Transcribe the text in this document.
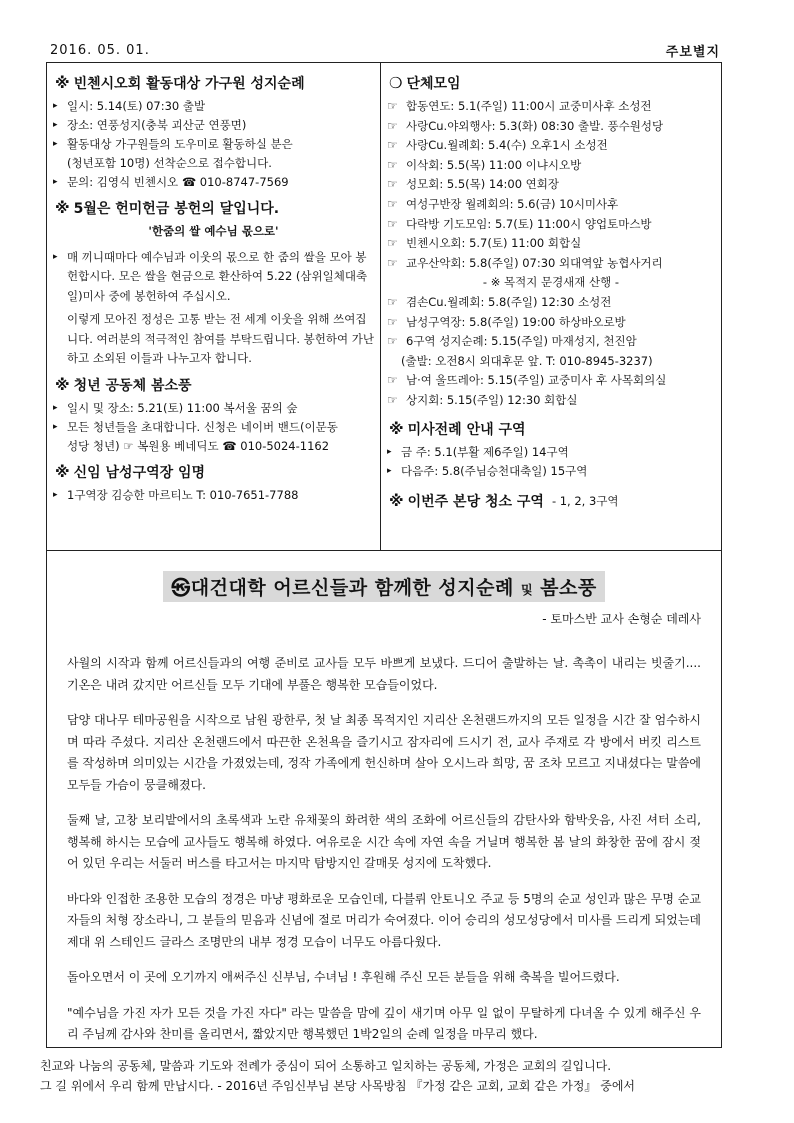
2016. 05. 01.	주보별지
※ 빈첸시오회 활동대상 가구원 성지순례
▸ 일시: 5.14(토) 07:30 출발
▸ 장소: 연풍성지(충북 괴산군 연풍면)
▸ 활동대상 가구원들의 도우미로 활동하실 분은
(청년포함 10명) 선착순으로 접수합니다.
▸ 문의: 김영식 빈첸시오 ☎ 010-8747-7569
※ 5월은 헌미헌금 봉헌의 달입니다.
'한줌의 쌀 예수님 몫으로'
▸ 매 끼니때마다 예수님과 이웃의 몫으로 한 줌의 쌀을 모아 봉헌합시다. 모은 쌀을 현금으로 환산하여 5.22 (삼위일체대축일)미사 중에 봉헌하여 주십시오.
이렇게 모아진 정성은 고통 받는 전 세계 이웃을 위해 쓰여집니다. 여러분의 적극적인 참여를 부탁드립니다. 봉헌하여 가난하고 소외된 이들과 나누고자 합니다.
※ 청년 공동체 봄소풍
▸ 일시 및 장소: 5.21(토) 11:00 복서울 꿈의 숲
▸ 모든 청년들을 초대합니다. 신청은 네이버 밴드(이문동
성당 청년) ☞ 복원용 베네딕도 ☎ 010-5024-1162
※ 신임 남성구역장 임명
▸ 1구역장 김승한 마르티노 T: 010-7651-7788
❍ 단체모임
☞ 합동연도: 5.1(주일) 11:00시 교중미사후 소성전
☞ 사랑Cu.야외행사: 5.3(화) 08:30 출발. 풍수원성당
☞ 사랑Cu.월례회: 5.4(수) 오후1시 소성전
☞ 이삭회: 5.5(목) 11:00 이냐시오방
☞ 성모회: 5.5(목) 14:00 연회장
☞ 여성구반장 월례회의: 5.6(금) 10시미사후
☞ 다락방 기도모임: 5.7(토) 11:00시 양업토마스방
☞ 빈첸시오회: 5.7(토) 11:00 회합실
☞ 교우산악회: 5.8(주일) 07:30 외대역앞 농협사거리
- ※ 목적지 문경새재 산행 -
☞ 겸손Cu.월례회: 5.8(주일) 12:30 소성전
☞ 남성구역장: 5.8(주일) 19:00 하상바오로방
☞ 6구역 성지순례: 5.15(주일) 마재성지, 천진암
(출발: 오전8시 외대후문 앞. T: 010-8945-3237)
☞ 남·여 울뜨레아: 5.15(주일) 교중미사 후 사목회의실
☞ 상지회: 5.15(주일) 12:30 회합실
※ 미사전례 안내 구역
▸ 금 주: 5.1(부활 제6주일) 14구역
▸ 다음주: 5.8(주님승천대축일) 15구역
※ 이번주 본당 청소 구역 - 1, 2, 3구역
㉿대건대학 어르신들과 함께한 성지순례 및 봄소풍
- 토마스반 교사 손형순 데레사

사월의 시작과 함께 어르신들과의 여행 준비로 교사들 모두 바쁘게 보냈다. 드디어 출발하는 날. 촉촉이 내리는 빗줄기.... 기온은 내려 갔지만 어르신들 모두 기대에 부풀은 행복한 모습들이었다.

담양 대나무 테마공원을 시작으로 남원 광한루, 첫 날 최종 목적지인 지리산 온천랜드까지의 모든 일정을 시간 잘 엄수하시며 따라 주셨다. 지리산 온천랜드에서 따끈한 온천욕을 즐기시고 잠자리에 드시기 전, 교사 주재로 각 방에서 버킷 리스트를 작성하며 의미있는 시간을 가졌었는데, 정작 가족에게 헌신하며 살아 오시느라 희망, 꿈 조차 모르고 지내셨다는 말씀에 모두들 가슴이 뭉클해졌다.

둘째 날, 고창 보리밭에서의 초록색과 노란 유채꽃의 화려한 색의 조화에 어르신들의 감탄사와 함박웃음, 사진 셔터 소리, 행복해 하시는 모습에 교사들도 행복해 하였다. 여유로운 시간 속에 자연 속을 거닐며 행복한 봄 날의 화창한 꿈에 잠시 젖어 있던 우리는 서둘러 버스를 타고서는 마지막 탐방지인 갈매못 성지에 도착했다.

바다와 인접한 조용한 모습의 정경은 마냥 평화로운 모습인데, 다블뤼 안토니오 주교 등 5명의 순교 성인과 많은 무명 순교자들의 처형 장소라니, 그 분들의 믿음과 신념에 절로 머리가 숙여졌다. 이어 승리의 성모성당에서 미사를 드리게 되었는데 제대 위 스테인드 글라스 조명만의 내부 정경 모습이 너무도 아름다웠다.

돌아오면서 이 곳에 오기까지 애써주신 신부님, 수녀님 ! 후원해 주신 모든 분들을 위해 축복을 빌어드렸다.

"예수님을 가진 자가 모든 것을 가진 자다" 라는 말씀을 맘에 깊이 새기며 아무 일 없이 무탈하게 다녀올 수 있게 해주신 우리 주님께 감사와 찬미를 올리면서, 짧았지만 행복했던 1박2일의 순례 일정을 마무리 했다.

친교와 나눔의 공동체, 말씀과 기도와 전례가 중심이 되어 소통하고 일치하는 공동체, 가정은 교회의 길입니다.
그 길 위에서 우리 함께 만납시다. - 2016년 주임신부님 본당 사목방침 『가정 같은 교회, 교회 같은 가정』 중에서
